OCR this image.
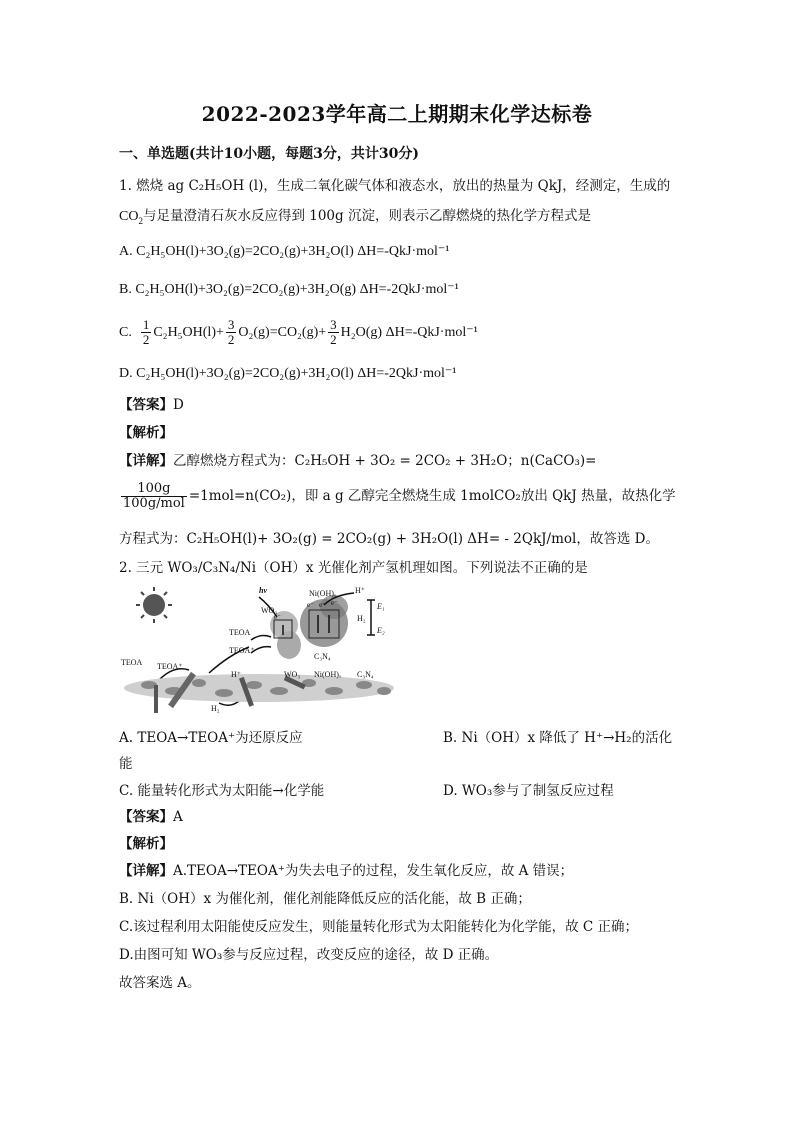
2022-2023学年高二上期期末化学达标卷
一、单选题(共计10小题，每题3分，共计30分)
1. 燃烧 ag C₂H₅OH (l)，生成二氧化碳气体和液态水，放出的热量为 QkJ，经测定，生成的
$CO_2$与足量澄清石灰水反应得到 100g 沉淀，则表示乙醇燃烧的热化学方程式是
A. C₂H₅OH(l)+3O₂(g)=2CO₂(g)+3H₂O(l) ΔH=-QkJ·mol⁻¹
B. C₂H₅OH(l)+3O₂(g)=2CO₂(g)+3H₂O(g) ΔH=-2QkJ·mol⁻¹
C. $\frac{1}{2} C_2H_5OH(l)+ \frac{3}{2} O_2(g)=CO_2(g)+ \frac{3}{2} H_2O(g)$ ΔH=-QkJ·mol⁻¹
D. C₂H₅OH(l)+3O₂(g)=2CO₂(g)+3H₂O(l) ΔH=-2QkJ·mol⁻¹
【答案】D
【解析】
【详解】乙醇燃烧方程式为：C₂H₅OH + 3O₂ = 2CO₂ + 3H₂O；n(CaCO₃)=
$\frac{100g}{\text{100g/mol}} =1mol=n(CO_2)$，即 a g 乙醇完全燃烧生成 1molCO₂放出 QkJ 热量，故热化学
方程式为：C₂H₅OH(l)+ 3O₂(g) = 2CO₂(g) + 3H₂O(l) ΔH= - 2QkJ/mol，故答选 D。
2. 三元 WO₃/C₃N₄/Ni（OH）x 光催化剂产氢机理如图。下列说法不正确的是
hν	Ni(OH)ₓ H⁺
WO₃
e⁻ e⁻ e⁻
e⁻
E₁
E₂
H₂
TEOA
TEOA⁺
C₃N₄
TEOA TEOA⁺
H⁺
H₂
WO₃ Ni(OH)ₓ C₃N₄
A. TEOA→TEOA⁺为还原反应	B. Ni（OH）x 降低了 H⁺→H₂的活化
能
C. 能量转化形式为太阳能→化学能	D. WO₃参与了制氢反应过程
【答案】A
【解析】
【详解】A.TEOA→TEOA⁺为失去电子的过程，发生氧化反应，故 A 错误；
B. Ni（OH）x 为催化剂，催化剂能降低反应的活化能，故 B 正确；
C.该过程利用太阳能使反应发生，则能量转化形式为太阳能转化为化学能，故 C 正确；
D.由图可知 WO₃参与反应过程，改变反应的途径，故 D 正确。
故答案选 A。
